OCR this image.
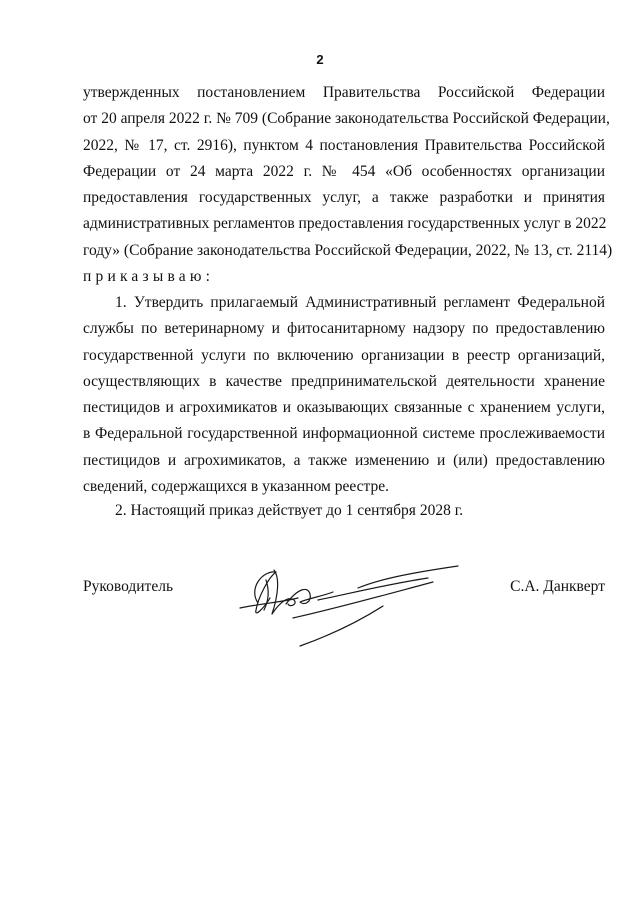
2
утвержденных постановлением Правительства Российской Федерации
от 20 апреля 2022 г. № 709 (Собрание законодательства Российской Федерации,
2022, № 17, ст. 2916), пунктом 4 постановления Правительства Российской
Федерации от 24 марта 2022 г. № 454 «Об особенностях организации
предоставления государственных услуг, а также разработки и принятия
административных регламентов предоставления государственных услуг в 2022
году» (Собрание законодательства Российской Федерации, 2022, № 13, ст. 2114)
приказываю:
1. Утвердить прилагаемый Административный регламент Федеральной
службы по ветеринарному и фитосанитарному надзору по предоставлению
государственной услуги по включению организации в реестр организаций,
осуществляющих в качестве предпринимательской деятельности хранение
пестицидов и агрохимикатов и оказывающих связанные с хранением услуги,
в Федеральной государственной информационной системе прослеживаемости
пестицидов и агрохимикатов, а также изменению и (или) предоставлению
сведений, содержащихся в указанном реестре.
2. Настоящий приказ действует до 1 сентября 2028 г.
Руководитель	С.А. Данкверт
